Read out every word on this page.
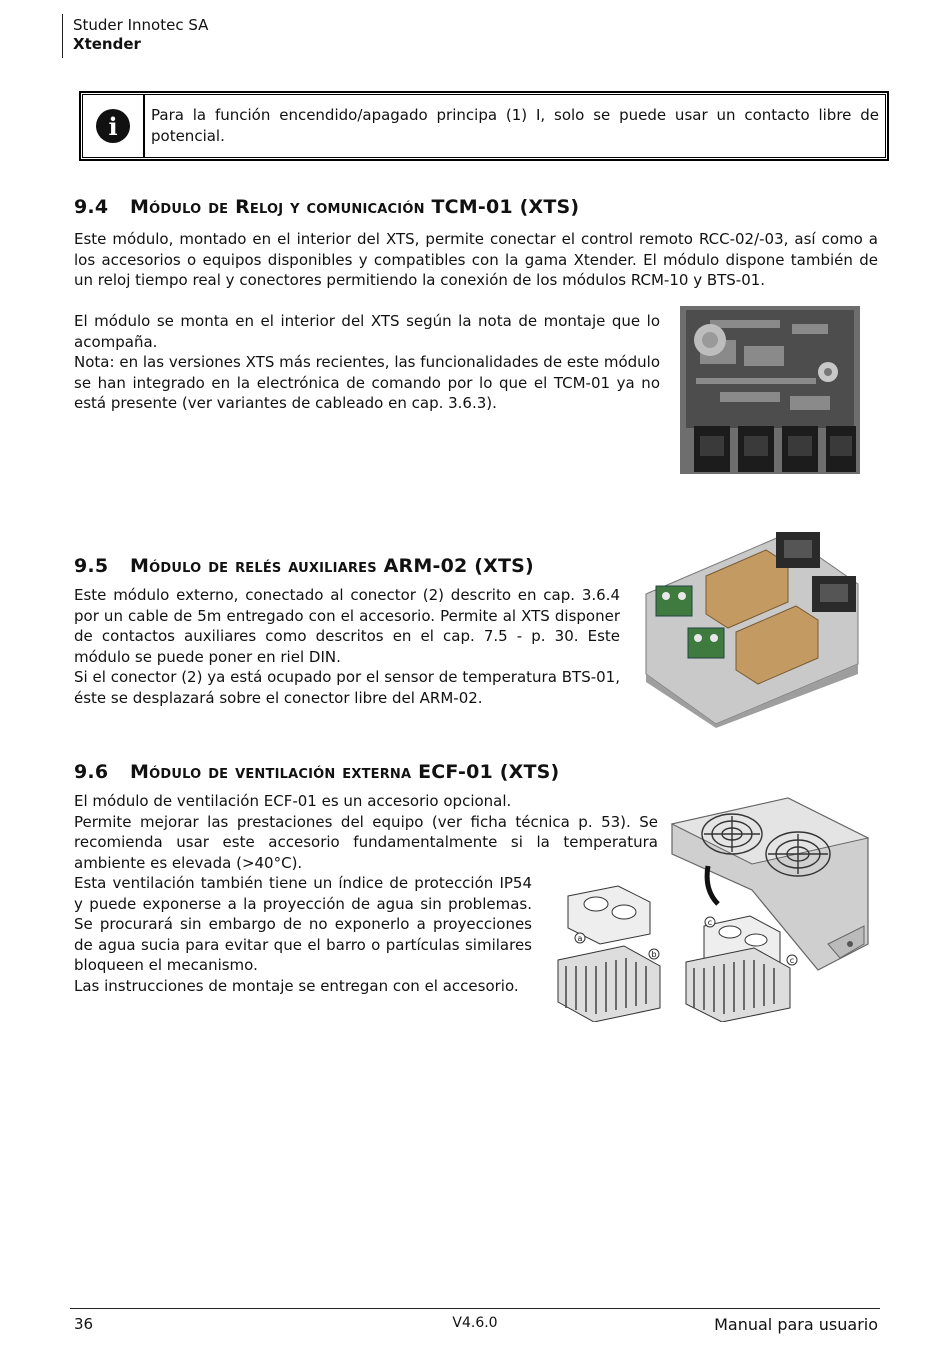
Studer Innotec SA
Xtender
i	Para la función encendido/apagado principa (1) I, solo se puede usar un contacto libre de potencial.
9.4 Módulo de Reloj y comunicación TCM-01 (XTS)

Este módulo, montado en el interior del XTS, permite conectar el control remoto RCC-02/-03, así como a los accesorios o equipos disponibles y compatibles con la gama Xtender. El módulo dispone también de un reloj tiempo real y conectores permitiendo la conexión de los módulos RCM-10 y BTS-01.

El módulo se monta en el interior del XTS según la nota de montaje que lo acompaña.

Nota: en las versiones XTS más recientes, las funcionalidades de este módulo se han integrado en la electrónica de comando por lo que el TCM-01 ya no está presente (ver variantes de cableado en cap. 3.6.3).

9.5 Módulo de relés auxiliares ARM-02 (XTS)

Este módulo externo, conectado al conector (2) descrito en cap. 3.6.4 por un cable de 5m entregado con el accesorio. Permite al XTS disponer de contactos auxiliares como descritos en el cap. 7.5 - p. 30. Este módulo se puede poner en riel DIN.

Si el conector (2) ya está ocupado por el sensor de temperatura BTS-01, éste se desplazará sobre el conector libre del ARM-02.

9.6 Módulo de ventilación externa ECF-01 (XTS)

El módulo de ventilación ECF-01 es un accesorio opcional.

Permite mejorar las prestaciones del equipo (ver ficha técnica p. 53). Se recomienda usar este accesorio fundamentalmente si la temperatura ambiente es elevada (>40°C).

Esta ventilación también tiene un índice de protección IP54 y puede exponerse a la proyección de agua sin problemas. Se procurará sin embargo de no exponerlo a proyecciones de agua sucia para evitar que el barro o partículas similares bloqueen el mecanismo.

Las instrucciones de montaje se entregan con el accesorio.

a
b
c
c
36	V4.6.0	Manual para usuario
